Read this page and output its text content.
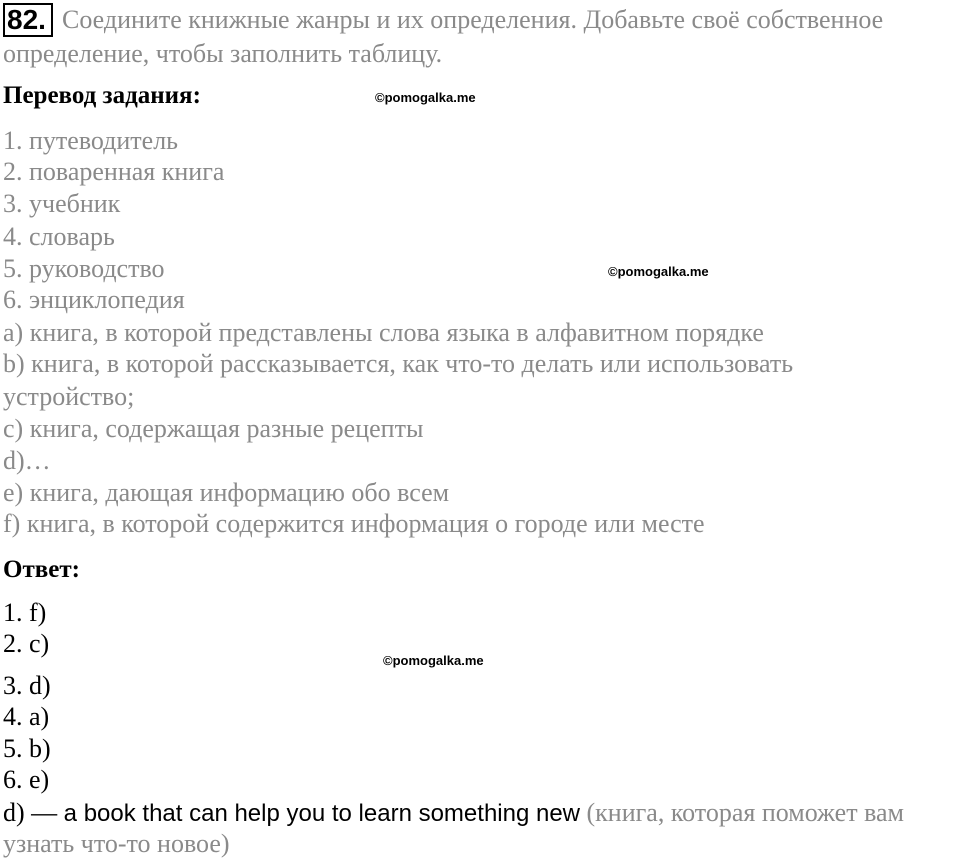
82. Соедините книжные жанры и их определения. Добавьте своё собственное
определение, чтобы заполнить таблицу.
Перевод задания:	©pomogalka.me
1. путеводитель
2. поваренная книга
3. учебник
4. словарь
5. руководство	©pomogalka.me
6. энциклопедия
a) книга, в которой представлены слова языка в алфавитном порядке
b) книга, в которой рассказывается, как что-то делать или использовать
устройство;
c) книга, содержащая разные рецепты
d)…
e) книга, дающая информацию обо всем
f) книга, в которой содержится информация о городе или месте
Ответ:
1. f)
2. c)
©pomogalka.me
3. d)
4. a)
5. b)
6. e)
d) — a book that can help you to learn something new (книга, которая поможет вам
узнать что-то новое)
